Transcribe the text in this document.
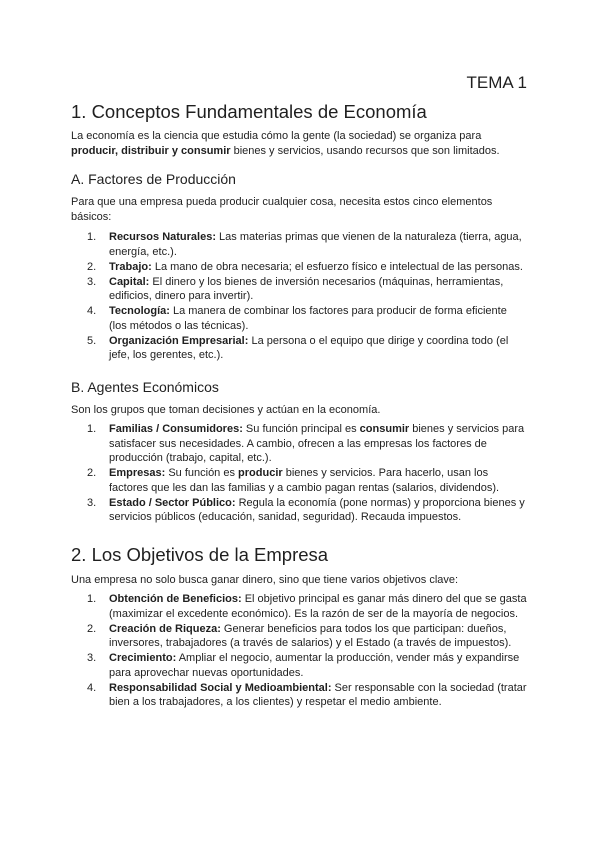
TEMA 1
1. Conceptos Fundamentales de Economía

La economía es la ciencia que estudia cómo la gente (la sociedad) se organiza para producir, distribuir y consumir bienes y servicios, usando recursos que son limitados.

A. Factores de Producción

Para que una empresa pueda producir cualquier cosa, necesita estos cinco elementos básicos:

1. Recursos Naturales: Las materias primas que vienen de la naturaleza (tierra, agua, energía, etc.).
2. Trabajo: La mano de obra necesaria; el esfuerzo físico e intelectual de las personas.
3. Capital: El dinero y los bienes de inversión necesarios (máquinas, herramientas, edificios, dinero para invertir).
4. Tecnología: La manera de combinar los factores para producir de forma eficiente (los métodos o las técnicas).
5. Organización Empresarial: La persona o el equipo que dirige y coordina todo (el jefe, los gerentes, etc.).
B. Agentes Económicos

Son los grupos que toman decisiones y actúan en la economía.

1. Familias / Consumidores: Su función principal es consumir bienes y servicios para satisfacer sus necesidades. A cambio, ofrecen a las empresas los factores de producción (trabajo, capital, etc.).
2. Empresas: Su función es producir bienes y servicios. Para hacerlo, usan los factores que les dan las familias y a cambio pagan rentas (salarios, dividendos).
3. Estado / Sector Público: Regula la economía (pone normas) y proporciona bienes y servicios públicos (educación, sanidad, seguridad). Recauda impuestos.
2. Los Objetivos de la Empresa

Una empresa no solo busca ganar dinero, sino que tiene varios objetivos clave:

1. Obtención de Beneficios: El objetivo principal es ganar más dinero del que se gasta (maximizar el excedente económico). Es la razón de ser de la mayoría de negocios.
2. Creación de Riqueza: Generar beneficios para todos los que participan: dueños, inversores, trabajadores (a través de salarios) y el Estado (a través de impuestos).
3. Crecimiento: Ampliar el negocio, aumentar la producción, vender más y expandirse para aprovechar nuevas oportunidades.
4. Responsabilidad Social y Medioambiental: Ser responsable con la sociedad (tratar bien a los trabajadores, a los clientes) y respetar el medio ambiente.
